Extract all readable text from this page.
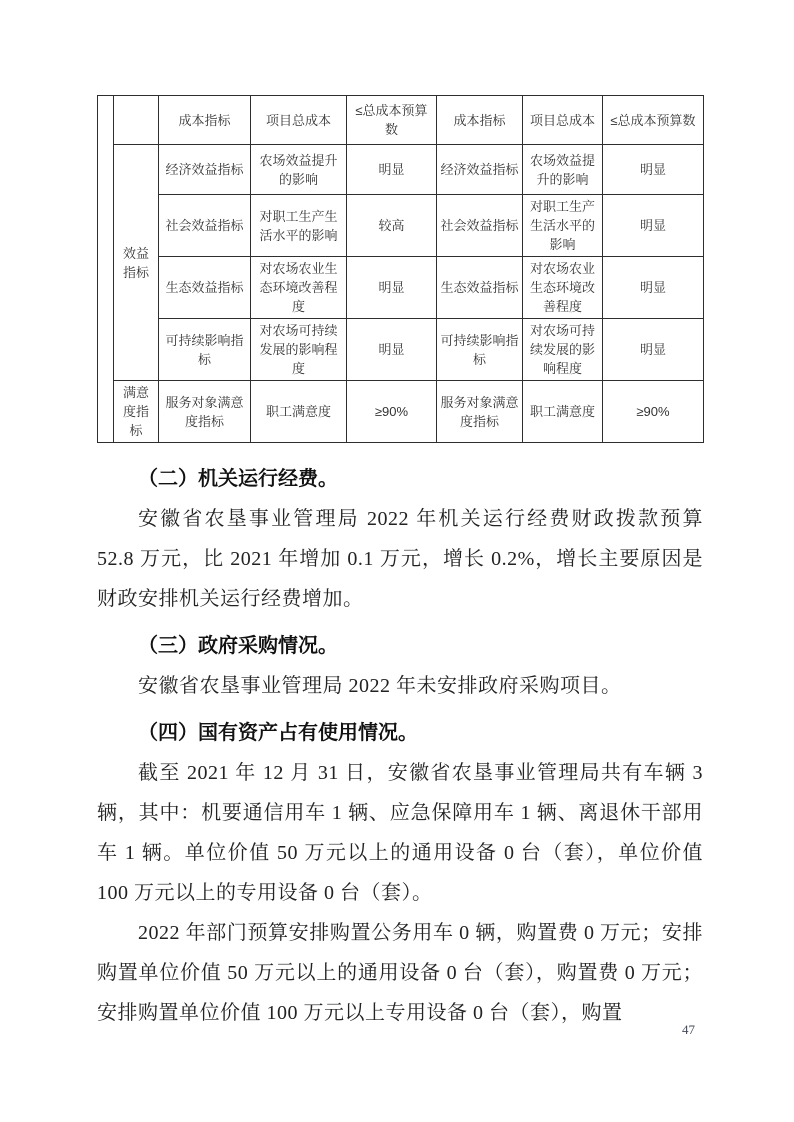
		成本指标	项目总成本	≤总成本预算数	成本指标	项目总成本	≤总成本预算数
	效益指标	经济效益指标	农场效益提升的影响	明显	经济效益指标	农场效益提升的影响	明显
		社会效益指标	对职工生产生活水平的影响	较高	社会效益指标	对职工生产生活水平的影响	明显
		生态效益指标	对农场农业生态环境改善程度	明显	生态效益指标	对农场农业生态环境改善程度	明显
		可持续影响指标	对农场可持续发展的影响程度	明显	可持续影响指标	对农场可持续发展的影响程度	明显
	满意度指标	服务对象满意度指标	职工满意度	≥90%	服务对象满意度指标	职工满意度	≥90%
（二）机关运行经费。

安徽省农垦事业管理局 2022 年机关运行经费财政拨款预算 52.8 万元，比 2021 年增加 0.1 万元，增长 0.2%，增长主要原因是财政安排机关运行经费增加。

（三）政府采购情况。

安徽省农垦事业管理局 2022 年未安排政府采购项目。

（四）国有资产占有使用情况。

截至 2021 年 12 月 31 日，安徽省农垦事业管理局共有车辆 3 辆，其中：机要通信用车 1 辆、应急保障用车 1 辆、离退休干部用车 1 辆。单位价值 50 万元以上的通用设备 0 台（套），单位价值 100 万元以上的专用设备 0 台（套）。

2022 年部门预算安排购置公务用车 0 辆，购置费 0 万元；安排购置单位价值 50 万元以上的通用设备 0 台（套），购置费 0 万元；安排购置单位价值 100 万元以上专用设备 0 台（套），购置

47
